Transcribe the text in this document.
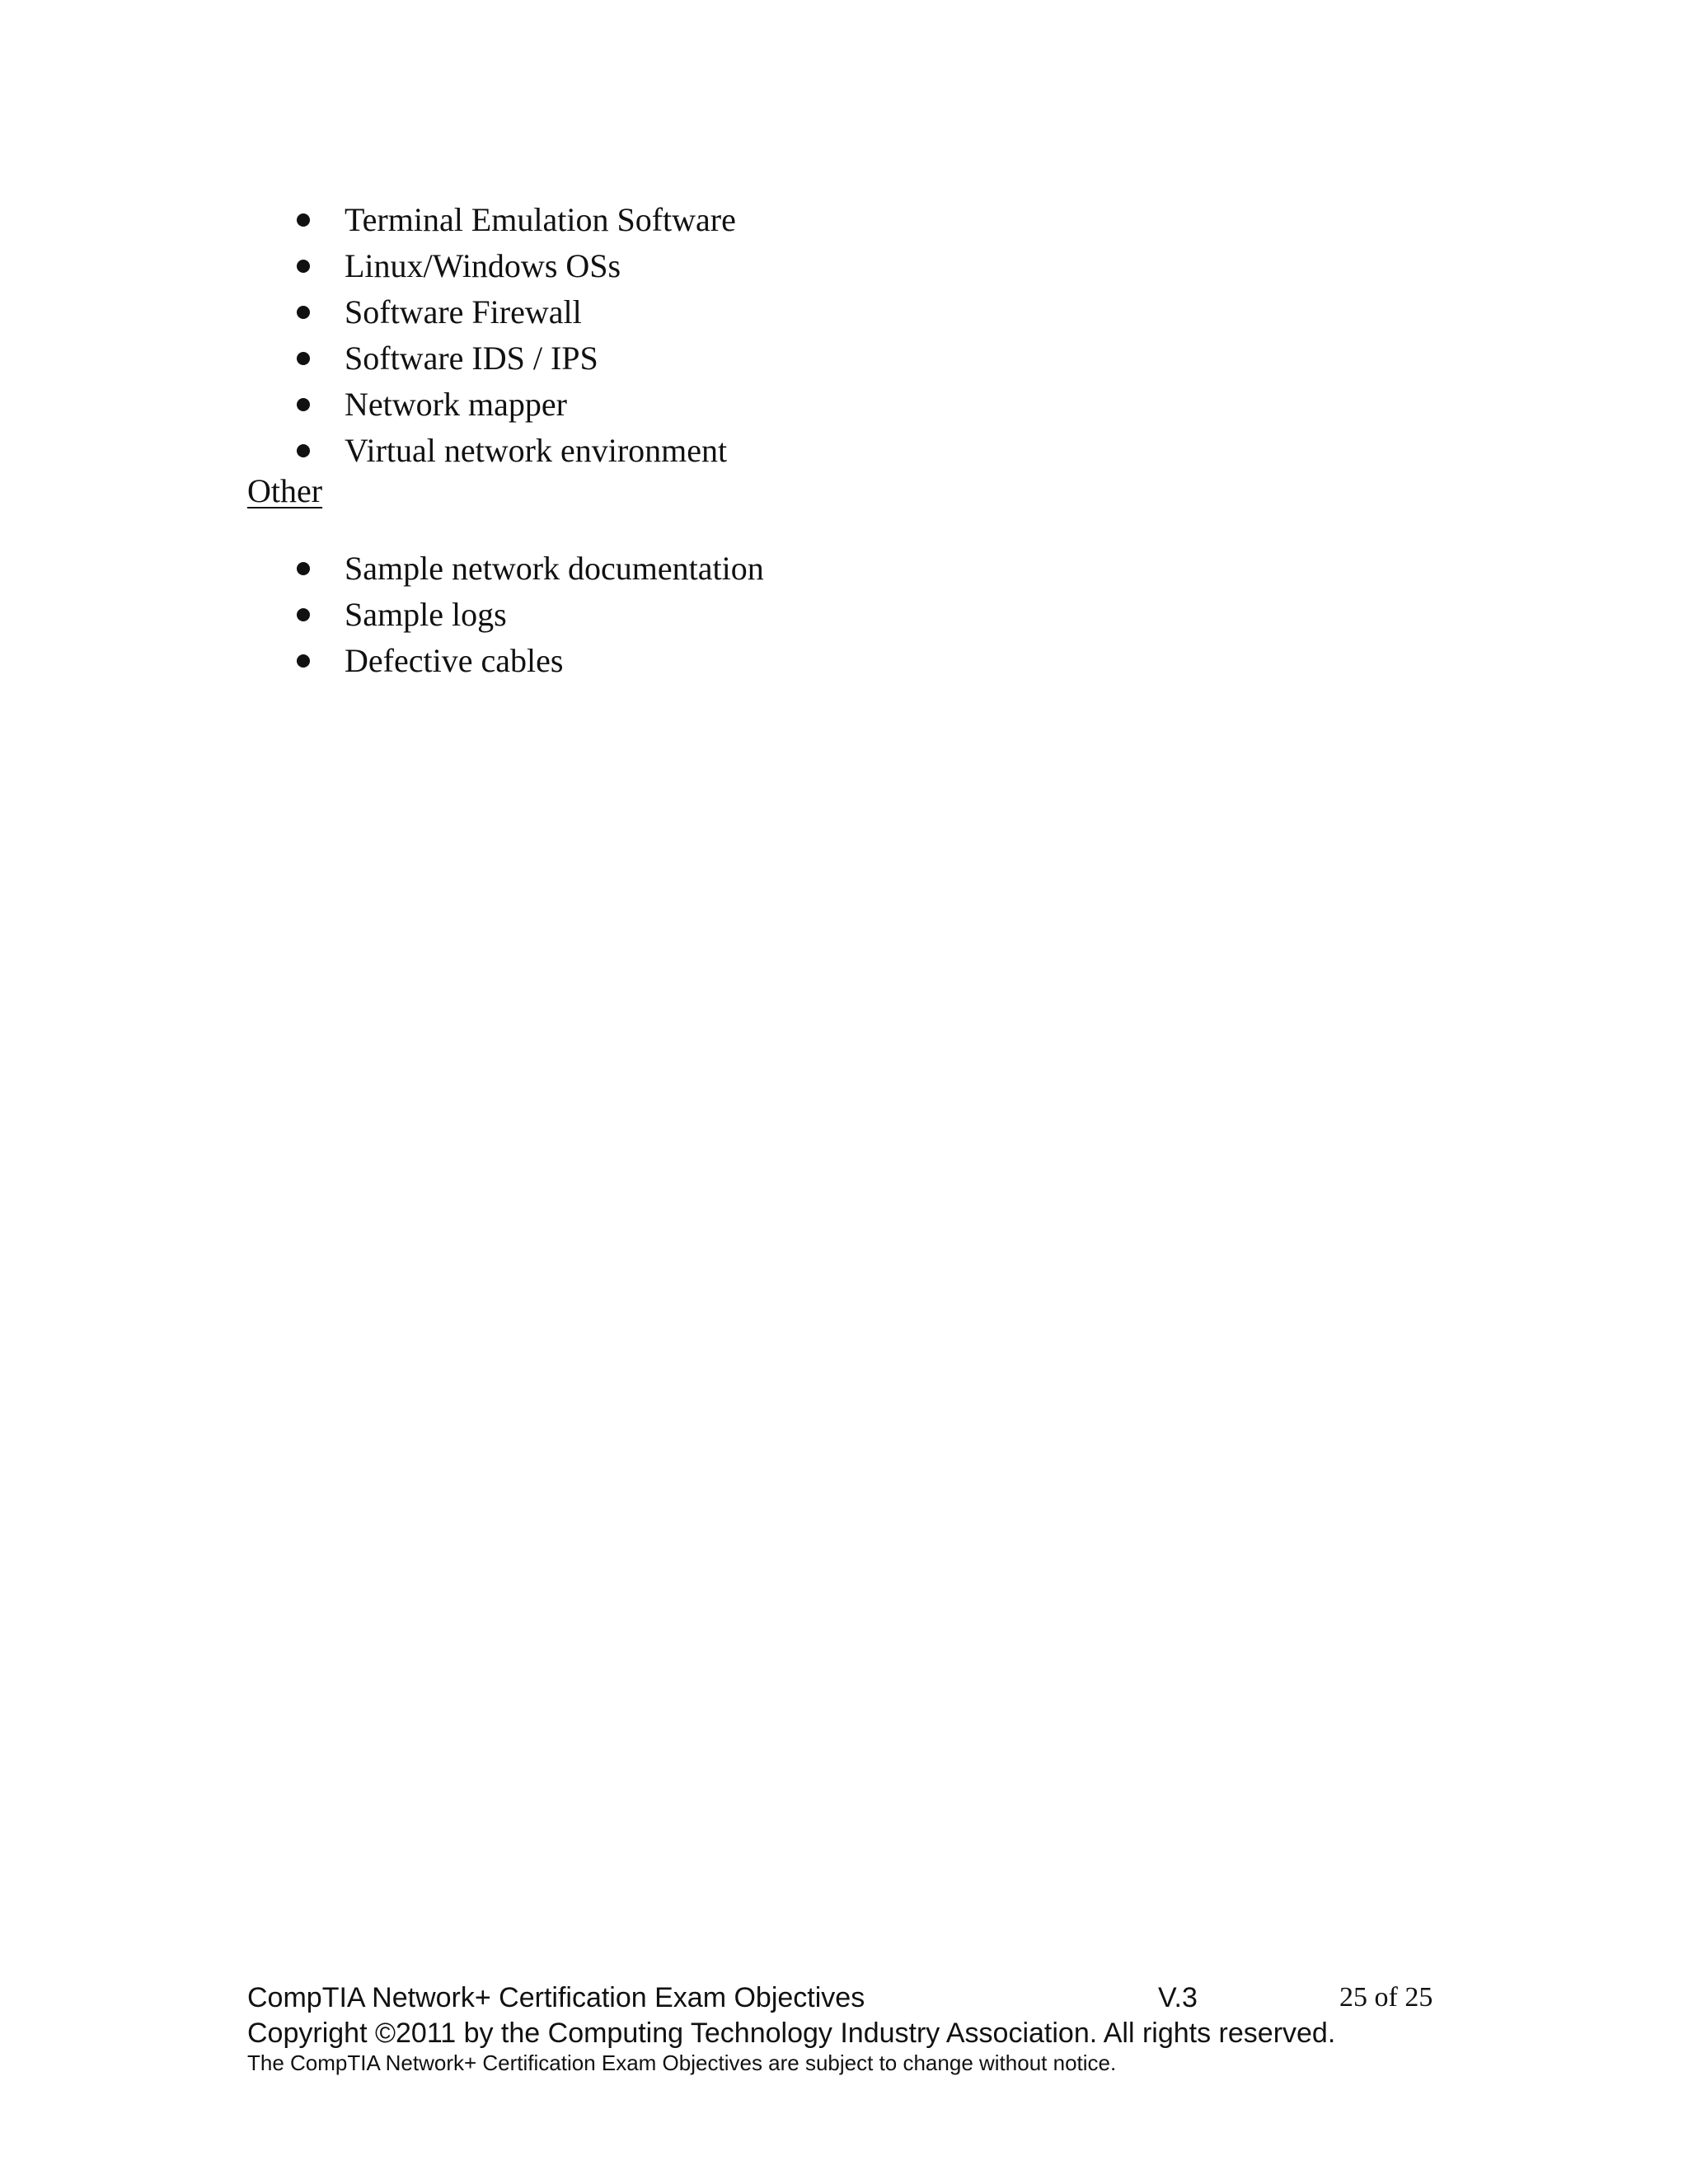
Terminal Emulation Software
Linux/Windows OSs
Software Firewall
Software IDS / IPS
Network mapper
Virtual network environment
Other
Sample network documentation
Sample logs
Defective cables
CompTIA Network+ Certification Exam Objectives	V.3	25 of 25
Copyright ©2011 by the Computing Technology Industry Association. All rights reserved.
The CompTIA Network+ Certification Exam Objectives are subject to change without notice.
